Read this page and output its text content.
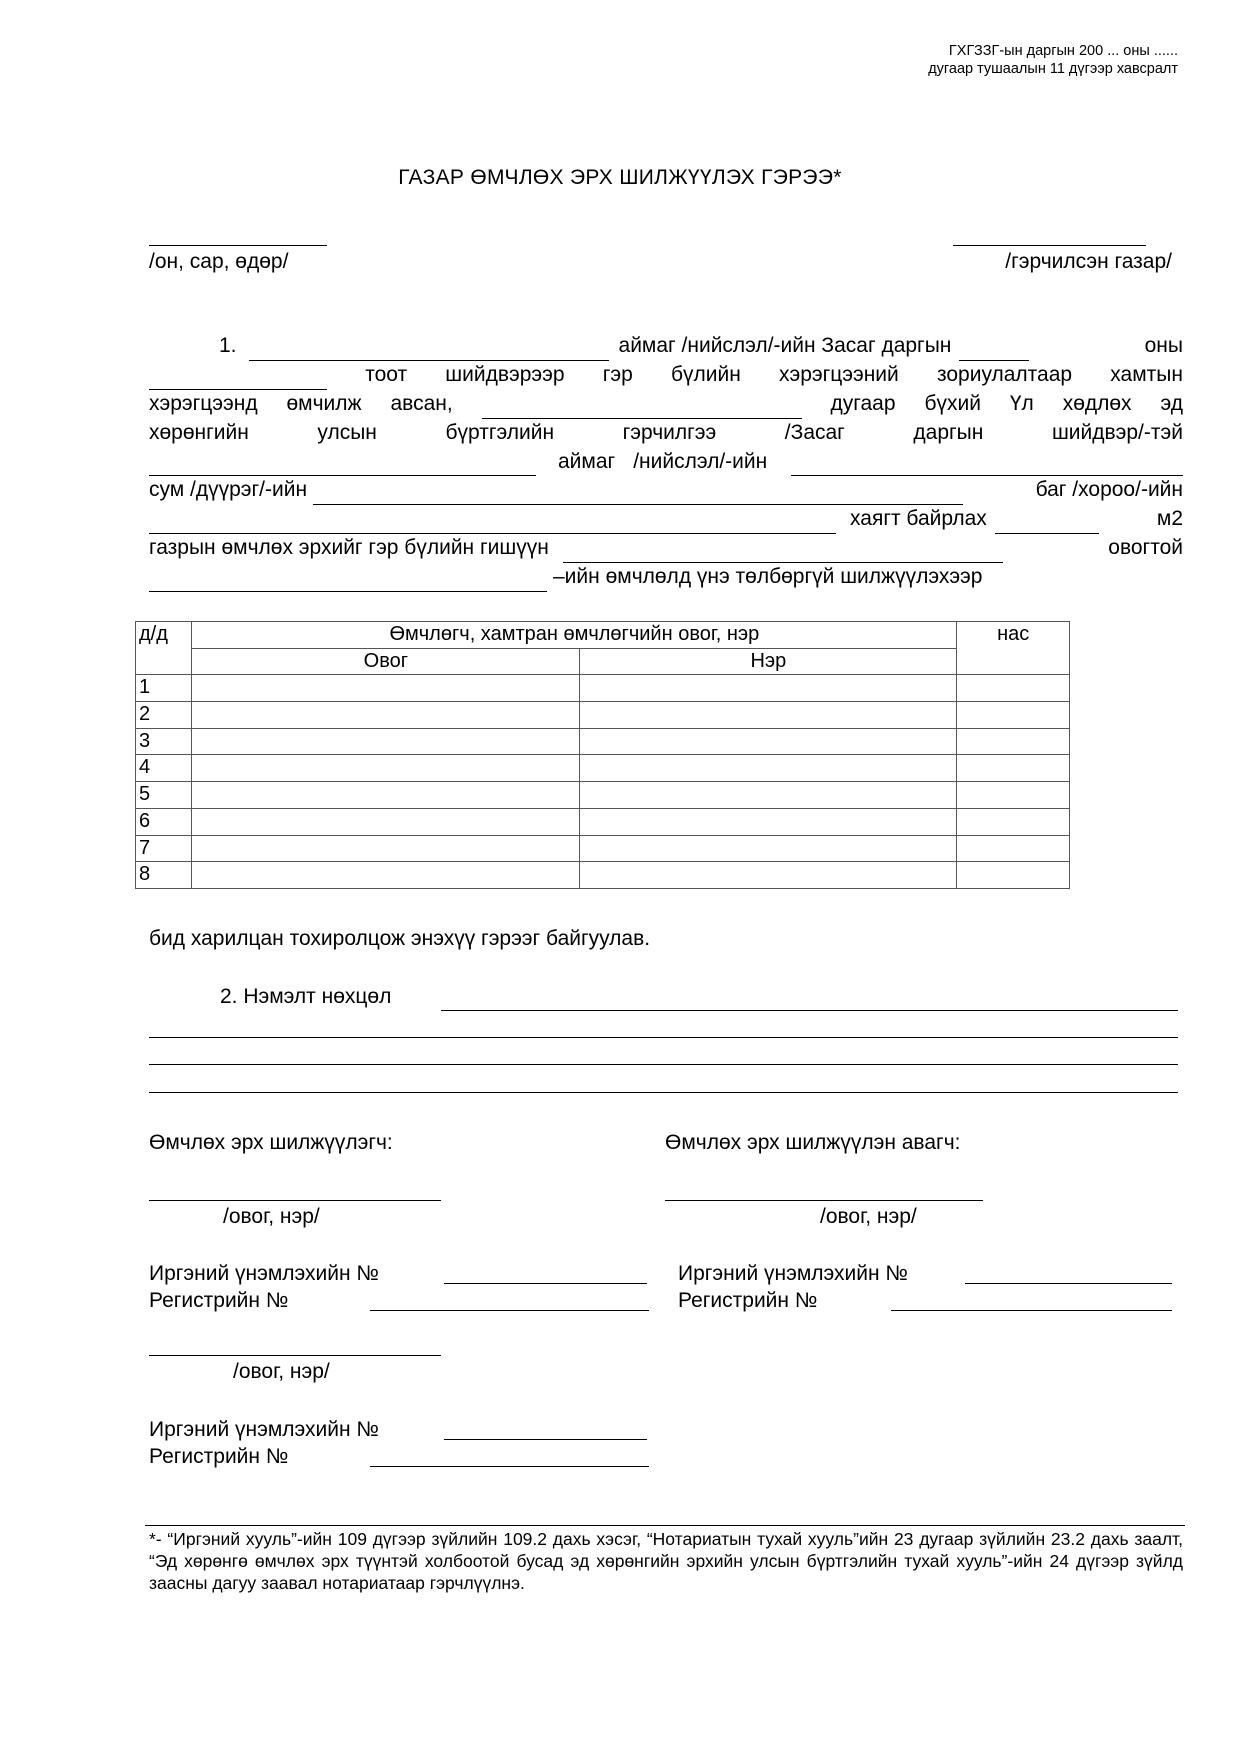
ГХГЗЗГ-ын даргын 200 ... оны ......
дугаар тушаалын 11 дүгээр хавсралт
ГАЗАР ӨМЧЛӨХ ЭРХ ШИЛЖҮҮЛЭХ ГЭРЭЭ*
/он, сар, өдөр/	/гэрчилсэн газар/
1.	аймаг /нийслэл/-ийн Засаг даргын	оны
тоот шийдвэрээр гэр бүлийн хэрэгцээний зориулалтаар хамтын
хэрэгцээнд өмчилж авсан,	дугаар бүхий Үл хөдлөх эд
хөрөнгийн	улсын	бүртгэлийн	гэрчилгээ	/Засаг	даргын	шийдвэр/-тэй
аймаг /нийслэл/-ийн
сум /дүүрэг/-ийн	баг /хороо/-ийн
хаягт байрлах	м2
газрын өмчлөх эрхийг гэр бүлийн гишүүн	овогтой
–ийн өмчлөлд үнэ төлбөргүй шилжүүлэхээр
д/д	Өмчлөгч, хамтран өмчлөгчийн овог, нэр		нас
	Овог	Нэр	
1			
2			
3			
4			
5			
6			
7			
8			
бид харилцан тохиролцож энэхүү гэрээг байгуулав.
2. Нэмэлт нөхцөл
Өмчлөх эрх шилжүүлэгч:
/овог, нэр/
Иргэний үнэмлэхийн №
Регистрийн №
Өмчлөх эрх шилжүүлэн авагч:
/овог, нэр/
Иргэний үнэмлэхийн №
Регистрийн №
/овог, нэр/
Иргэний үнэмлэхийн №
Регистрийн №
*- “Иргэний хууль”-ийн 109 дүгээр зүйлийн 109.2 дахь хэсэг, “Нотариатын тухай хууль”ийн 23 дугаар зүйлийн 23.2 дахь заалт, “Эд хөрөнгө өмчлөх эрх түүнтэй холбоотой бусад эд хөрөнгийн эрхийн улсын бүртгэлийн тухай хууль”-ийн 24 дүгээр зүйлд заасны дагуу заавал нотариатаар гэрчлүүлнэ.
